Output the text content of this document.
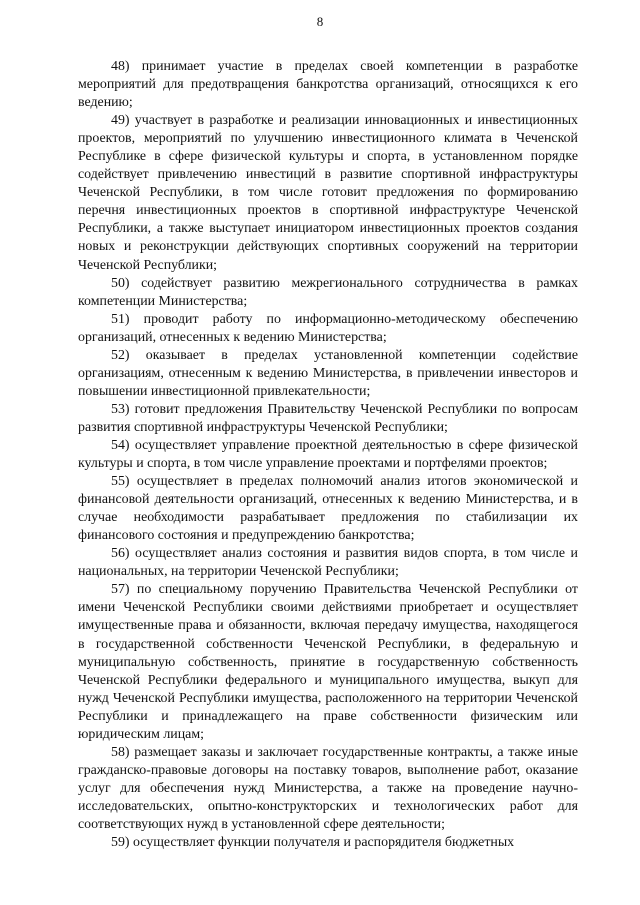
8

48) принимает участие в пределах своей компетенции в разработке мероприятий для предотвращения банкротства организаций, относящихся к его ведению;

49) участвует в разработке и реализации инновационных и инвестиционных проектов, мероприятий по улучшению инвестиционного климата в Чеченской Республике в сфере физической культуры и спорта, в установленном порядке содействует привлечению инвестиций в развитие спортивной инфраструктуры Чеченской Республики, в том числе готовит предложения по формированию перечня инвестиционных проектов в спортивной инфраструктуре Чеченской Республики, а также выступает инициатором инвестиционных проектов создания новых и реконструкции действующих спортивных сооружений на территории Чеченской Республики;

50) содействует развитию межрегионального сотрудничества в рамках компетенции Министерства;

51) проводит работу по информационно-методическому обеспечению организаций, отнесенных к ведению Министерства;

52) оказывает в пределах установленной компетенции содействие организациям, отнесенным к ведению Министерства, в привлечении инвесторов и повышении инвестиционной привлекательности;

53) готовит предложения Правительству Чеченской Республики по вопросам развития спортивной инфраструктуры Чеченской Республики;

54) осуществляет управление проектной деятельностью в сфере физической культуры и спорта, в том числе управление проектами и портфелями проектов;

55) осуществляет в пределах полномочий анализ итогов экономической и финансовой деятельности организаций, отнесенных к ведению Министерства, и в случае необходимости разрабатывает предложения по стабилизации их финансового состояния и предупреждению банкротства;

56) осуществляет анализ состояния и развития видов спорта, в том числе и национальных, на территории Чеченской Республики;

57) по специальному поручению Правительства Чеченской Республики от имени Чеченской Республики своими действиями приобретает и осуществляет имущественные права и обязанности, включая передачу имущества, находящегося в государственной собственности Чеченской Республики, в федеральную и муниципальную собственность, принятие в государственную собственность Чеченской Республики федерального и муниципального имущества, выкуп для нужд Чеченской Республики имущества, расположенного на территории Чеченской Республики и принадлежащего на праве собственности физическим или юридическим лицам;

58) размещает заказы и заключает государственные контракты, а также иные гражданско-правовые договоры на поставку товаров, выполнение работ, оказание услуг для обеспечения нужд Министерства, а также на проведение научно-исследовательских, опытно-конструкторских и технологических работ для соответствующих нужд в установленной сфере деятельности;

59) осуществляет функции получателя и распорядителя бюджетных
